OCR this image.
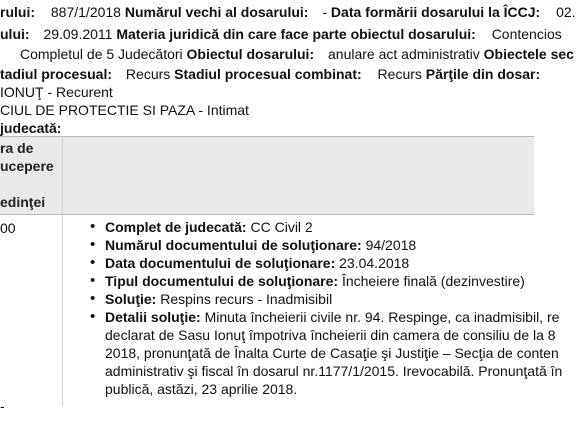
rului: 887/1/2018 Numărul vechi al dosarului: - Data formării dosarului la ÎCCJ: 02.
ului: 29.09.2011 Materia juridică din care face parte obiectul dosarului: Contencios
Completul de 5 Judecători Obiectul dosarului: anulare act administrativ Obiectele sec
tadiul procesual: Recurs Stadiul procesual combinat: Recurs Părţile din dosar:
IONUŢ - Recurent
CIUL DE PROTECTIE SI PAZA - Intimat
judecată:
ra de
ucepere
edinţei
00
•	Complet de judecată: CC Civil 2
• Numărul documentului de soluţionare: 94/2018
• Data documentului de soluţionare: 23.04.2018
• Tipul documentului de soluţionare: Încheiere finală (dezinvestire)
• Soluţie: Respins recurs - Inadmisibil
• Detalii soluţie: Minuta încheierii civile nr. 94. Respinge, ca inadmisibil, re
declarat de Sasu Ionuţ împotriva încheierii din camera de consiliu de la 8
2018, pronunţată de Înalta Curte de Casaţie şi Justiţie – Secţia de conten
administrativ şi fiscal în dosarul nr.1177/1/2015. Irevocabilă. Pronunţată în
publică, astăzi, 23 aprilie 2018.
-
